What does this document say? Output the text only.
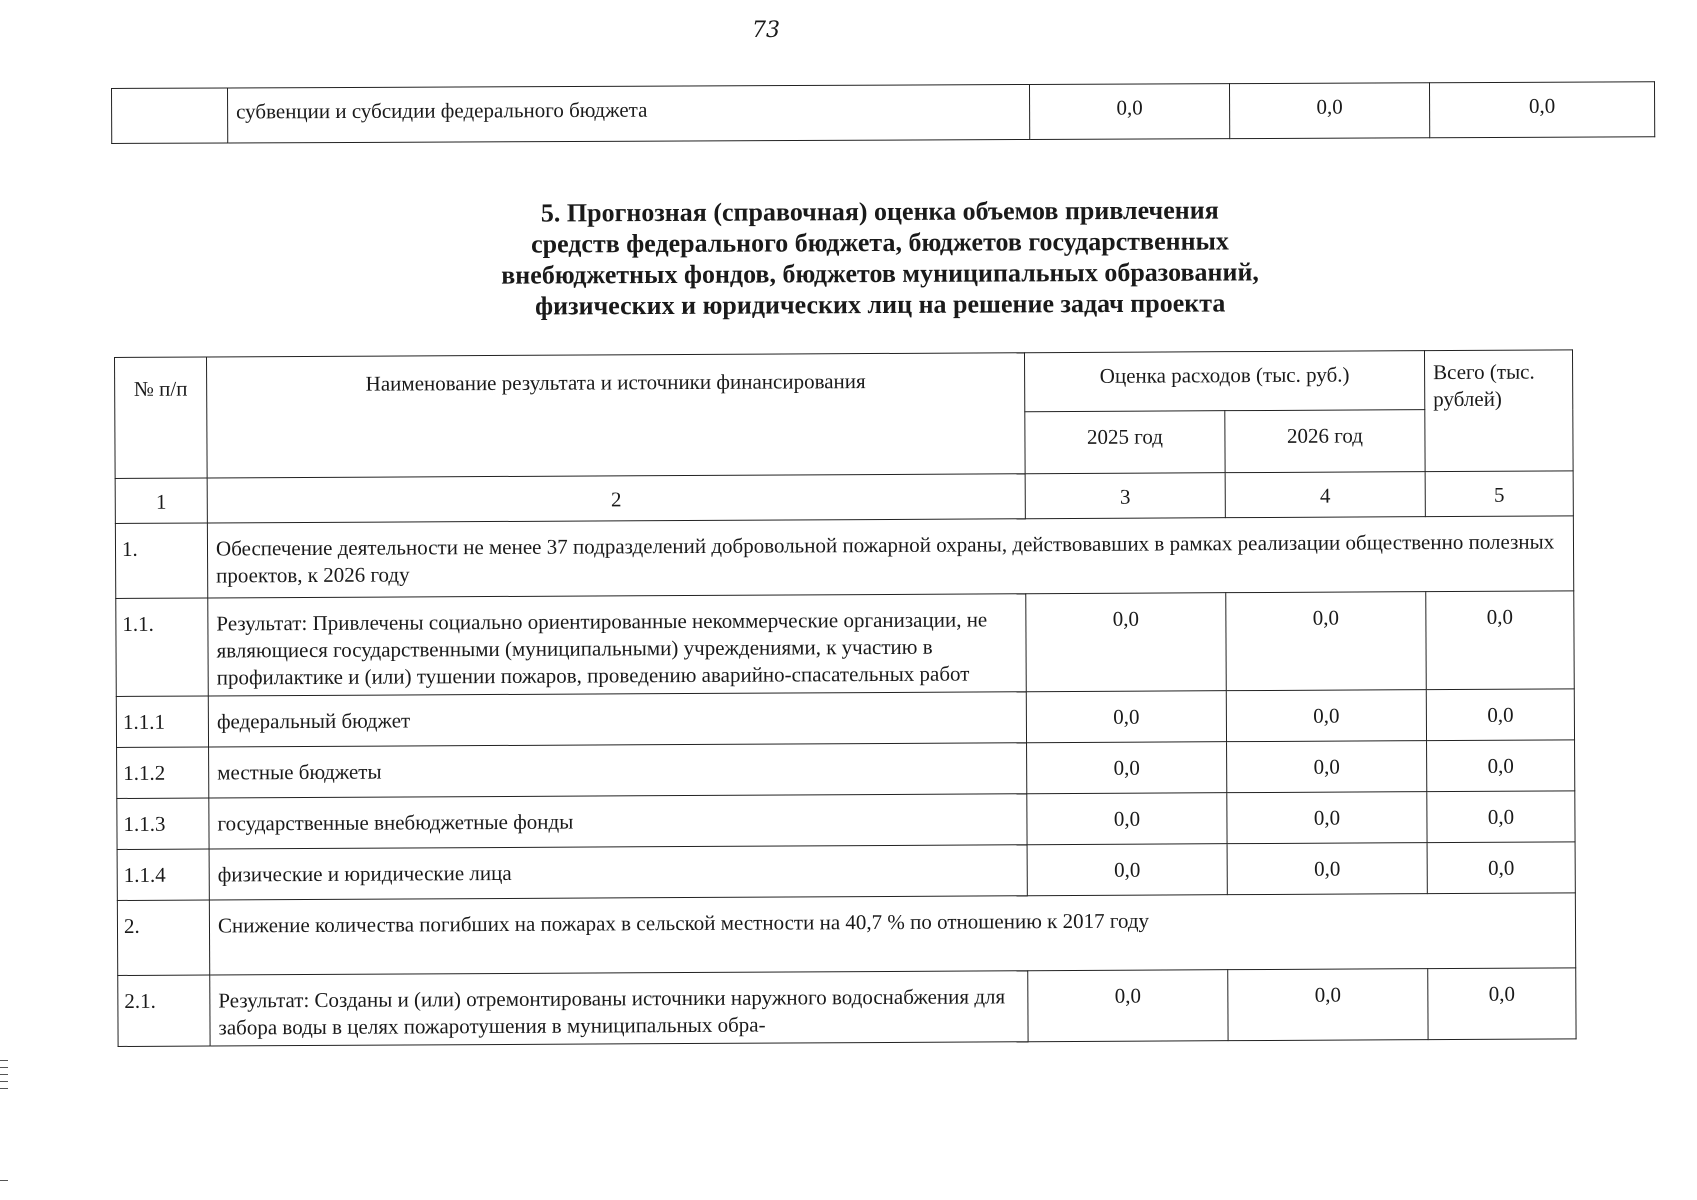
73
	субвенции и субсидии федерального бюджета	0,0	0,0	0,0
5. Прогнозная (справочная) оценка объемов привлечения
средств федерального бюджета, бюджетов государственных
внебюджетных фондов, бюджетов муниципальных образований,
физических и юридических лиц на решение задач проекта
№ п/п	Наименование результата и источники финансирования	Оценка расходов (тыс. руб.)		Всего (тыс. рублей)
		2025 год	2026 год	
1	2	3	4	5
1.	Обеспечение деятельности не менее 37 подразделений добровольной пожарной охраны, действовавших в рамках реализации общественно полезных проектов, к 2026 году			
1.1.	Результат: Привлечены социально ориентированные некоммерческие организации, не являющиеся государственными (муниципальными) учреждениями, к участию в профилактике и (или) тушении пожаров, проведению аварийно-спасательных работ	0,0	0,0	0,0
1.1.1	федеральный бюджет	0,0	0,0	0,0
1.1.2	местные бюджеты	0,0	0,0	0,0
1.1.3	государственные внебюджетные фонды	0,0	0,0	0,0
1.1.4	физические и юридические лица	0,0	0,0	0,0
2.	Снижение количества погибших на пожарах в сельской местности на 40,7 % по отношению к 2017 году			
2.1.	Результат: Созданы и (или) отремонтированы источники наружного водоснабжения для забора воды в целях пожаротушения в муниципальных обра-	0,0	0,0	0,0
